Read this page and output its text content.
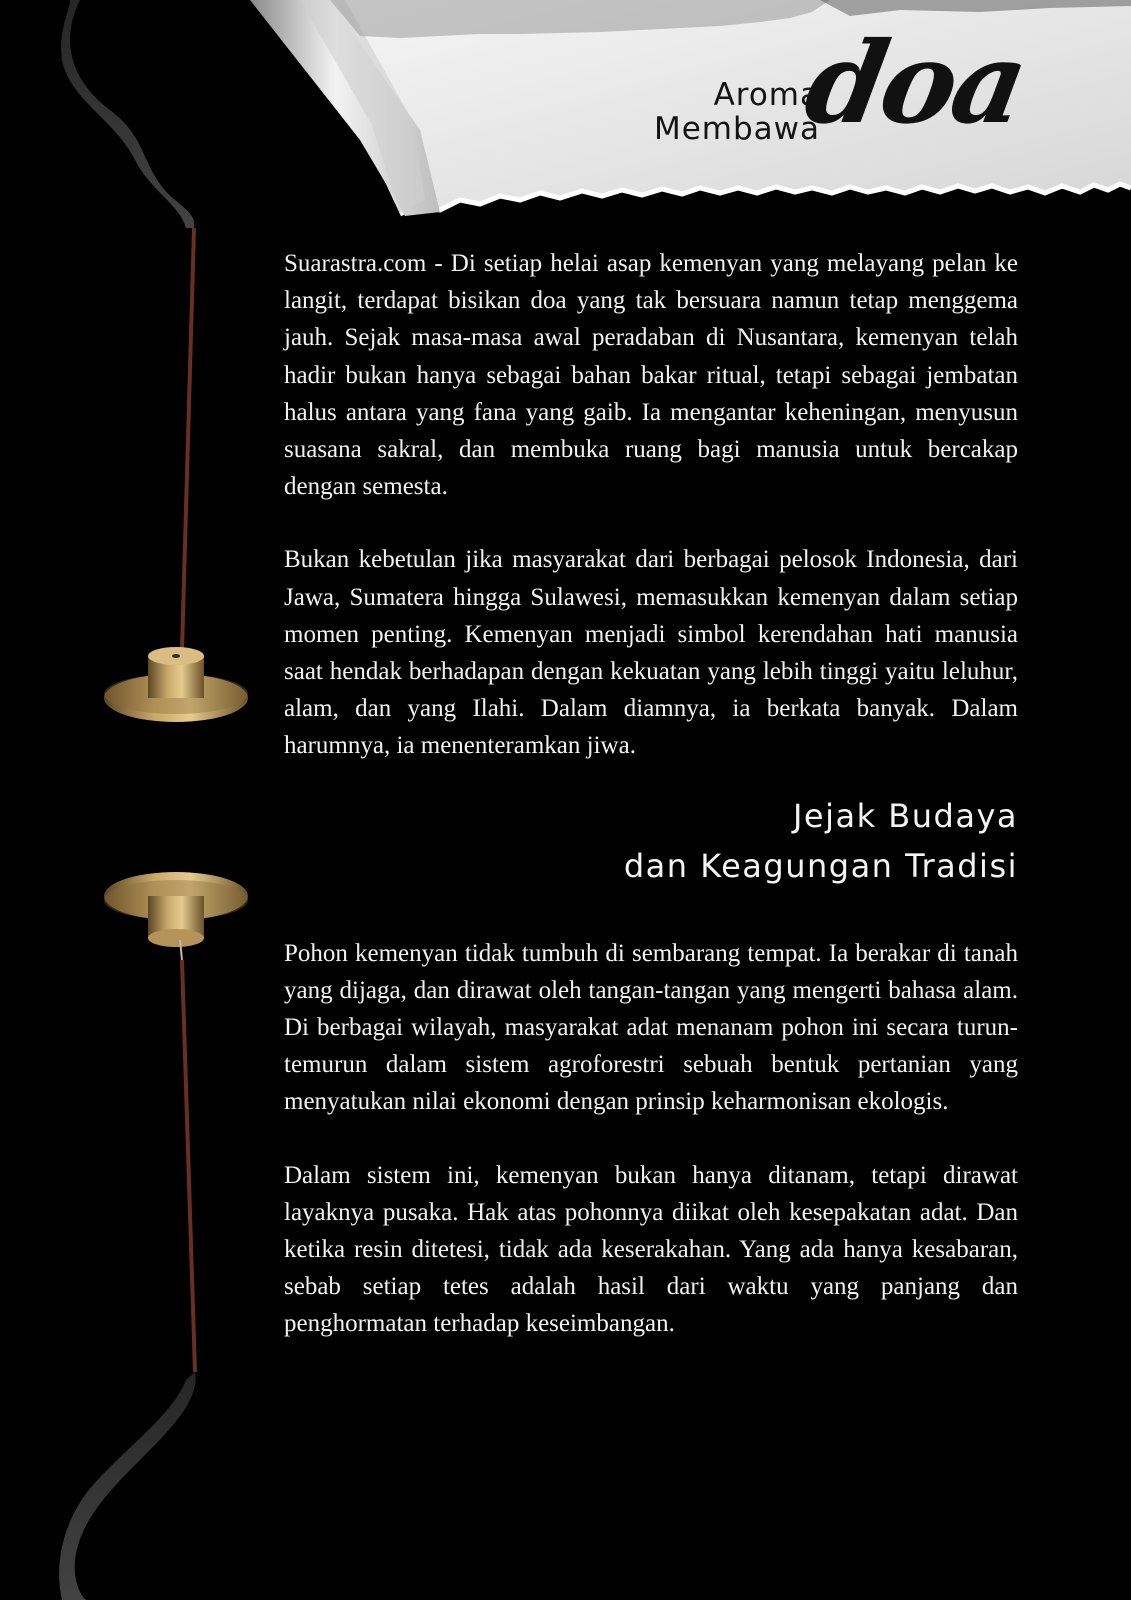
Aroma
Membawa
doa

Suarastra.com - Di setiap helai asap kemenyan yang melayang pelan ke langit, terdapat bisikan doa yang tak bersuara namun tetap menggema jauh. Sejak masa-masa awal peradaban di Nusantara, kemenyan telah hadir bukan hanya sebagai bahan bakar ritual, tetapi sebagai jembatan halus antara yang fana yang gaib. Ia mengantar keheningan, menyusun suasana sakral, dan membuka ruang bagi manusia untuk bercakap dengan semesta.

Bukan kebetulan jika masyarakat dari berbagai pelosok Indonesia, dari Jawa, Sumatera hingga Sulawesi, memasukkan kemenyan dalam setiap momen penting. Kemenyan menjadi simbol kerendahan hati manusia saat hendak berhadapan dengan kekuatan yang lebih tinggi yaitu leluhur, alam, dan yang Ilahi. Dalam diamnya, ia berkata banyak. Dalam harumnya, ia menenteramkan jiwa.

Jejak Budaya
dan Keagungan Tradisi

Pohon kemenyan tidak tumbuh di sembarang tempat. Ia berakar di tanah yang dijaga, dan dirawat oleh tangan-tangan yang mengerti bahasa alam. Di berbagai wilayah, masyarakat adat menanam pohon ini secara turun-temurun dalam sistem agroforestri sebuah bentuk pertanian yang menyatukan nilai ekonomi dengan prinsip keharmonisan ekologis.

Dalam sistem ini, kemenyan bukan hanya ditanam, tetapi dirawat layaknya pusaka. Hak atas pohonnya diikat oleh kesepakatan adat. Dan ketika resin ditetesi, tidak ada keserakahan. Yang ada hanya kesabaran, sebab setiap tetes adalah hasil dari waktu yang panjang dan penghormatan terhadap keseimbangan.
